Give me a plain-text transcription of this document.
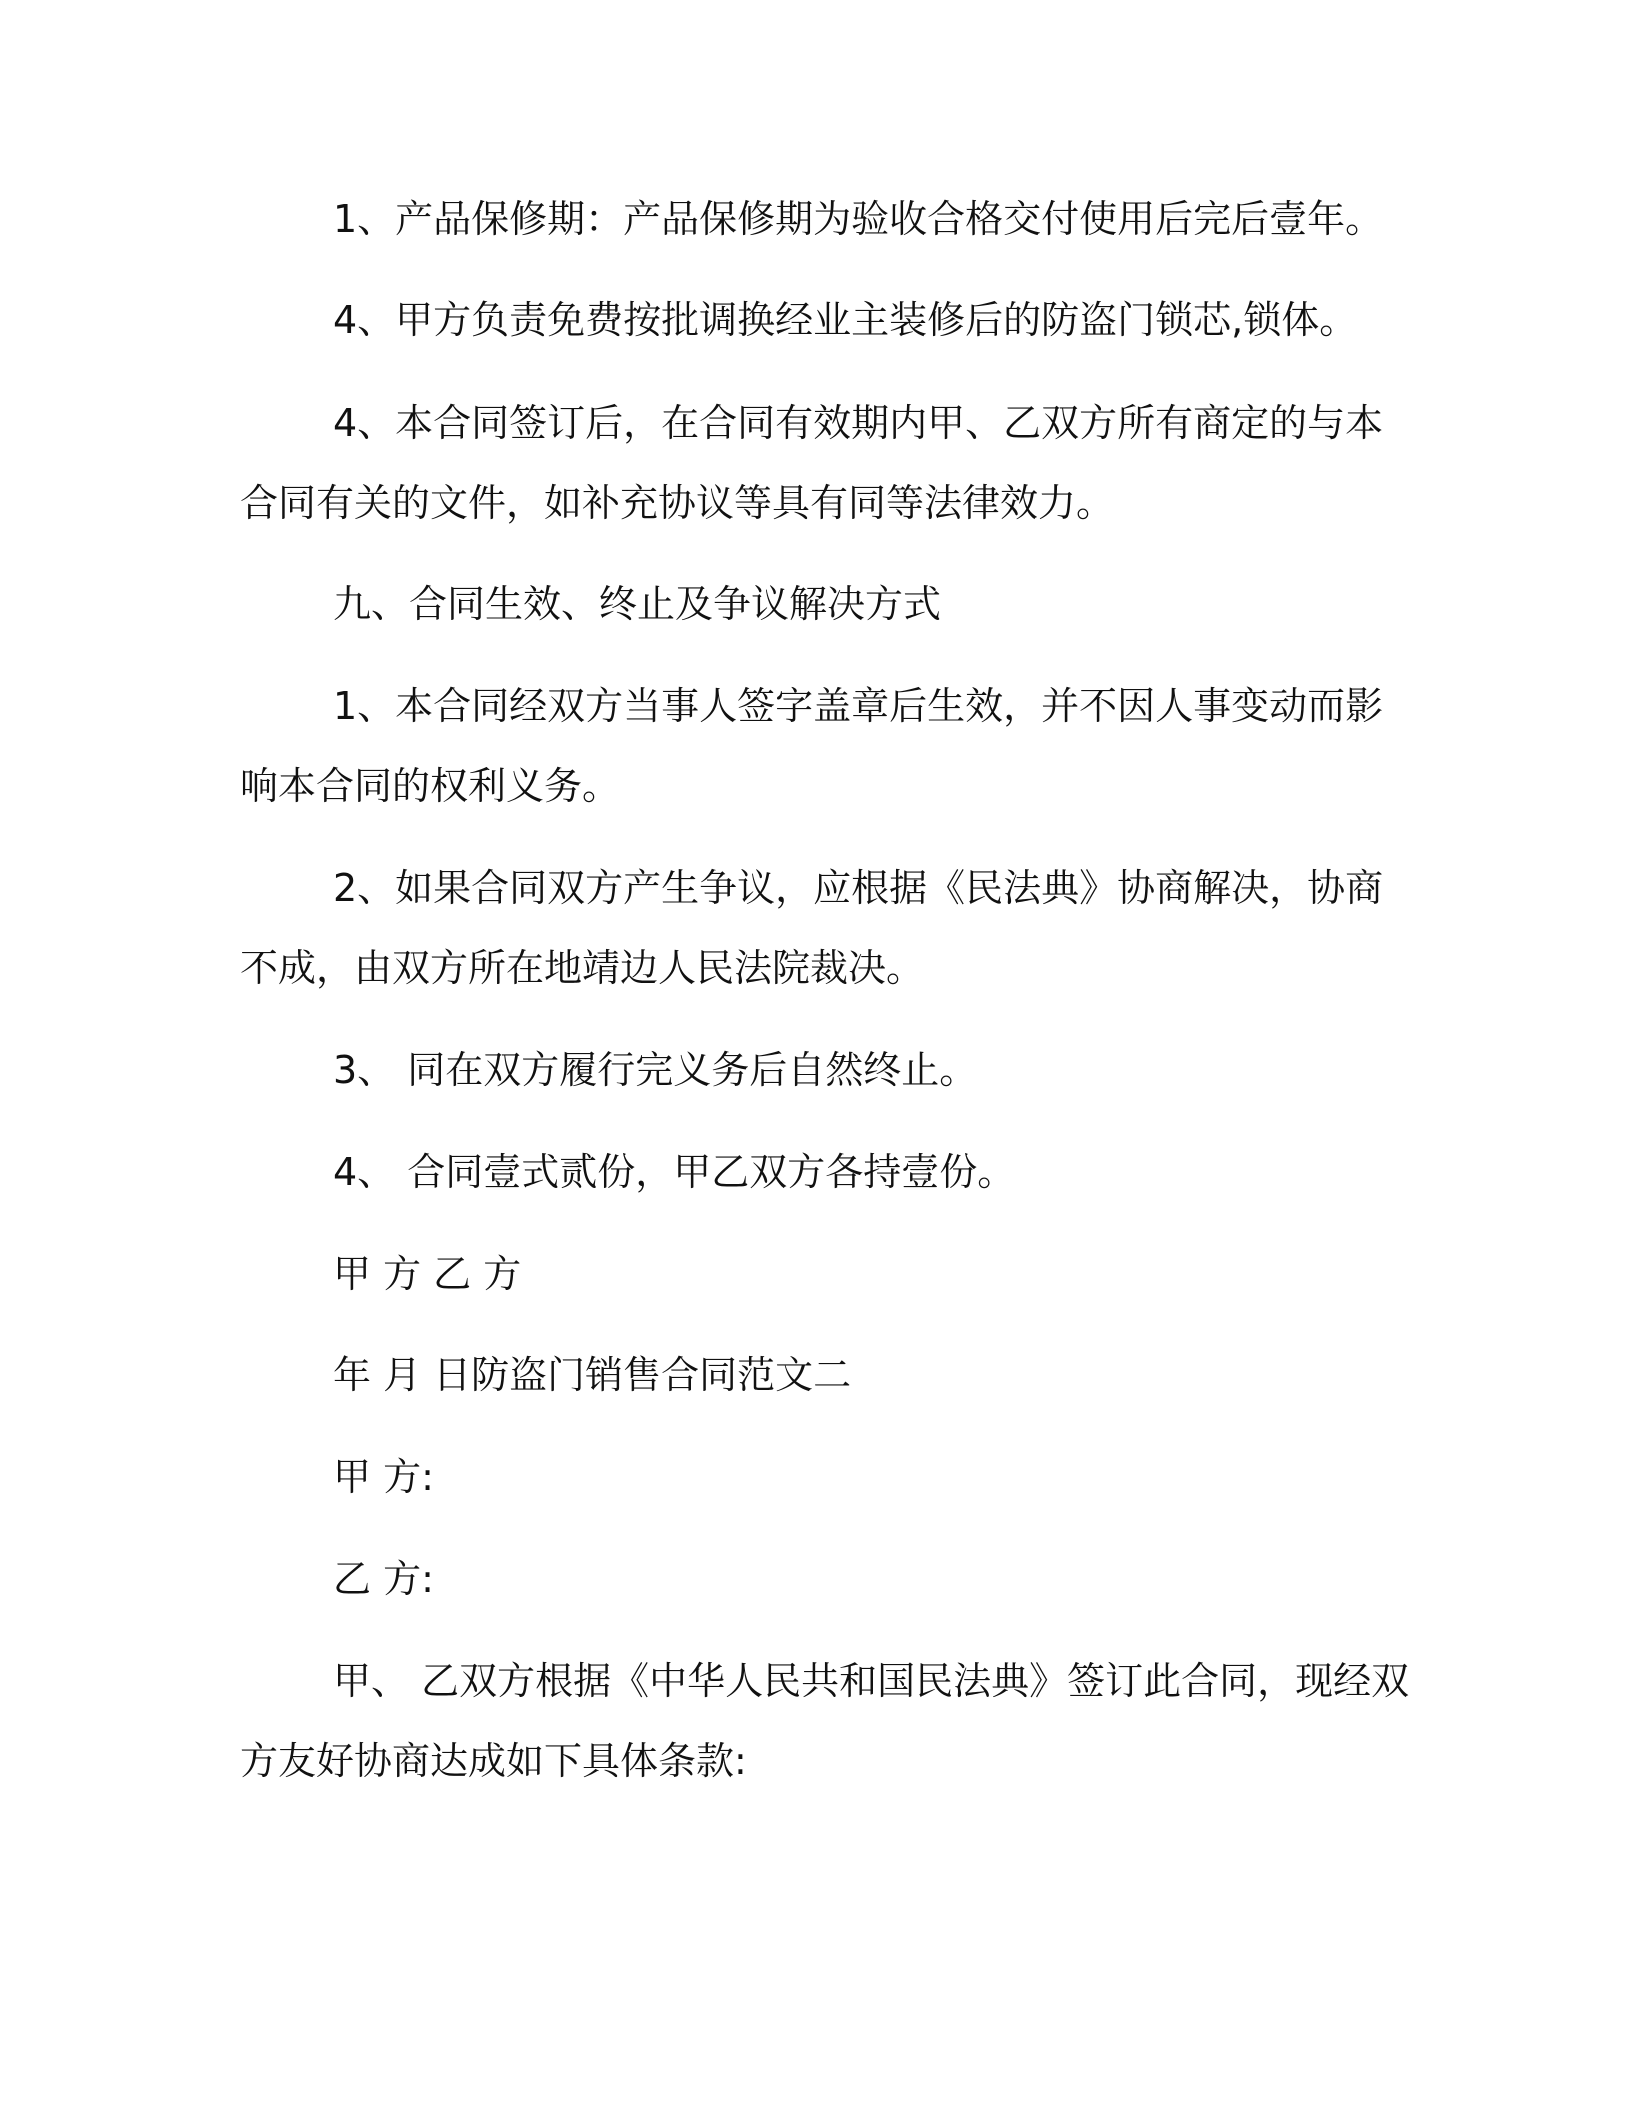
1、产品保修期：产品保修期为验收合格交付使用后完后壹年。
4、甲方负责免费按批调换经业主装修后的防盗门锁芯,锁体。
4、本合同签订后，在合同有效期内甲、乙双方所有商定的与本
合同有关的文件，如补充协议等具有同等法律效力。
九、合同生效、终止及争议解决方式
1、本合同经双方当事人签字盖章后生效，并不因人事变动而影
响本合同的权利义务。
2、如果合同双方产生争议，应根据《民法典》协商解决，协商
不成，由双方所在地靖边人民法院裁决。
3、 同在双方履行完义务后自然终止。
4、 合同壹式贰份，甲乙双方各持壹份。
甲 方 乙 方
年 月 日防盗门销售合同范文二
甲 方:
乙 方:
甲、 乙双方根据《中华人民共和国民法典》签订此合同，现经双
方友好协商达成如下具体条款:
